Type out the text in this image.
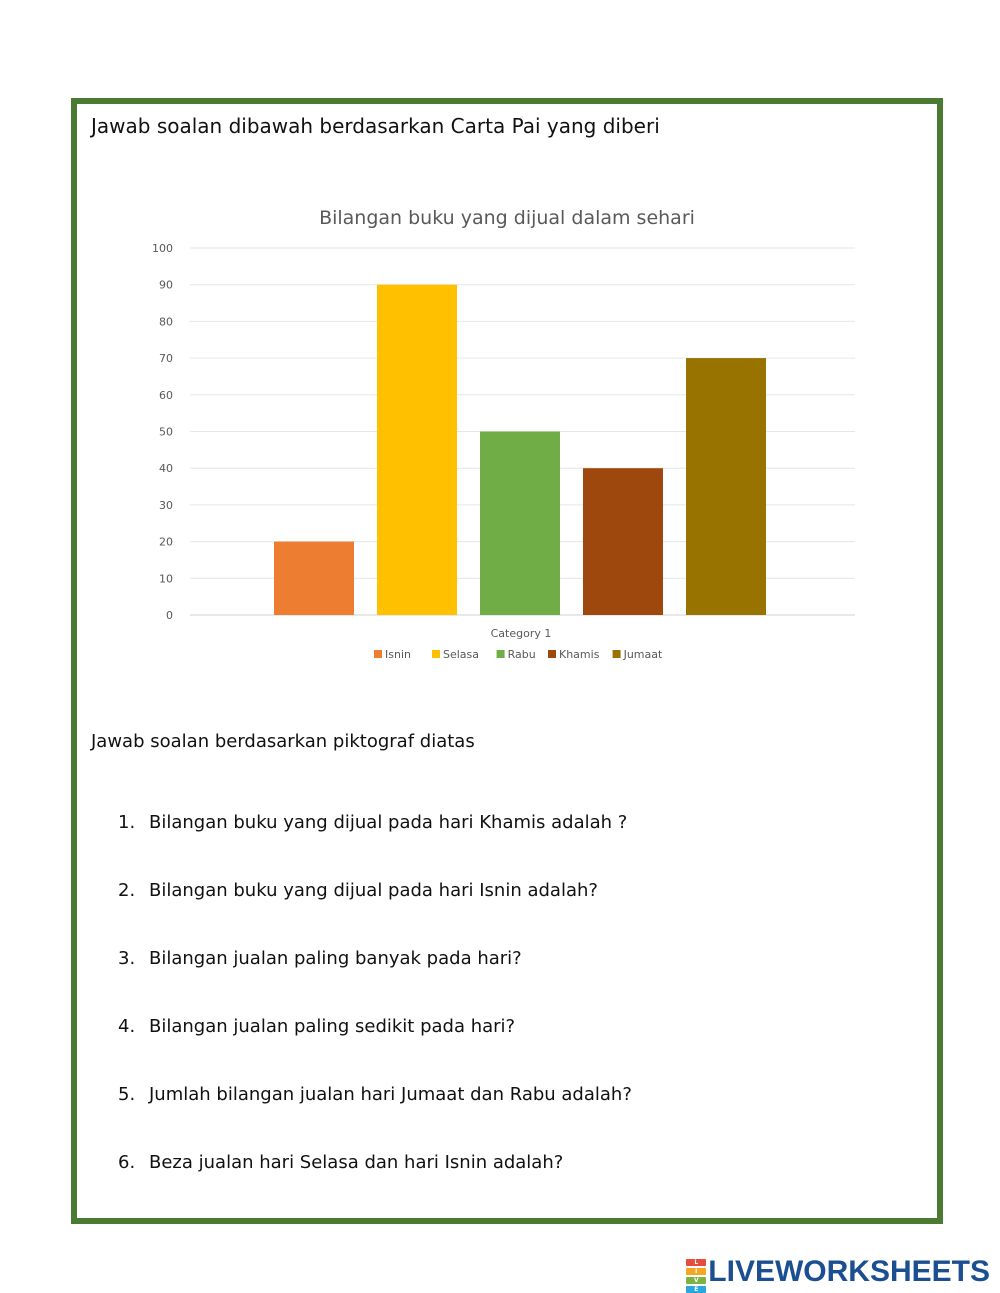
Jawab soalan dibawah berdasarkan Carta Pai yang diberi

Bilangan buku yang dijual dalam sehari
0
10
20
30
40
50
60
70
80
90
100
Category 1
Isnin	Selasa	Rabu Khamis Jumaat

Jawab soalan berdasarkan piktograf diatas

1. Bilangan buku yang dijual pada hari Khamis adalah ?
2. Bilangan buku yang dijual pada hari Isnin adalah?
3. Bilangan jualan paling banyak pada hari?
4. Bilangan jualan paling sedikit pada hari?
5. Jumlah bilangan jualan hari Jumaat dan Rabu adalah?
6. Beza jualan hari Selasa dan hari Isnin adalah?
L
I
V
E
LIVEWORKSHEETS
